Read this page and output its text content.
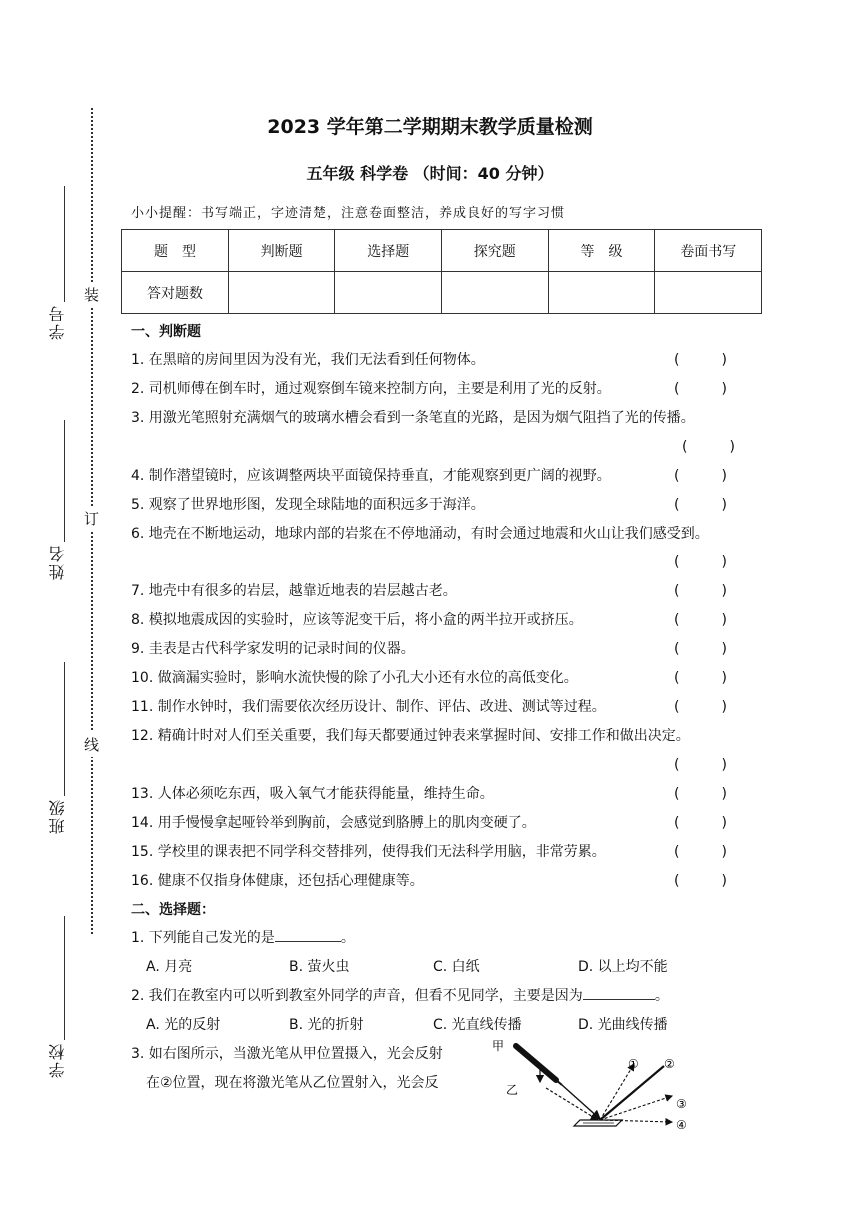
装
订
线
学号
姓名
班级
学校
2023 学年第二学期期末教学质量检测
五年级 科学卷 （时间：40 分钟）
小小提醒：书写端正，字迹清楚，注意卷面整洁，养成良好的写字习惯
题　型	判断题	选择题	探究题	等　级	卷面书写
答对题数					
一、判断题
1. 在黑暗的房间里因为没有光，我们无法看到任何物体。	(　　　)
2. 司机师傅在倒车时，通过观察倒车镜来控制方向，主要是利用了光的反射。	(　　　)
3. 用激光笔照射充满烟气的玻璃水槽会看到一条笔直的光路，是因为烟气阻挡了光的传播。
(　　　)
4. 制作潜望镜时，应该调整两块平面镜保持垂直，才能观察到更广阔的视野。	(　　　)
5. 观察了世界地形图，发现全球陆地的面积远多于海洋。	(　　　)
6. 地壳在不断地运动，地球内部的岩浆在不停地涌动，有时会通过地震和火山让我们感受到。
(　　　)
7. 地壳中有很多的岩层，越靠近地表的岩层越古老。	(　　　)
8. 模拟地震成因的实验时，应该等泥变干后，将小盒的两半拉开或挤压。	(　　　)
9. 圭表是古代科学家发明的记录时间的仪器。	(　　　)
10. 做滴漏实验时，影响水流快慢的除了小孔大小还有水位的高低变化。	(　　　)
11. 制作水钟时，我们需要依次经历设计、制作、评估、改进、测试等过程。	(　　　)
12. 精确计时对人们至关重要，我们每天都要通过钟表来掌握时间、安排工作和做出决定。
(　　　)
13. 人体必须吃东西，吸入氧气才能获得能量，维持生命。	(　　　)
14. 用手慢慢拿起哑铃举到胸前，会感觉到胳膊上的肌肉变硬了。	(　　　)
15. 学校里的课表把不同学科交替排列，使得我们无法科学用脑，非常劳累。	(　　　)
16. 健康不仅指身体健康，还包括心理健康等。	(　　　)
二、选择题：
1. 下列能自己发光的是	。
A. 月亮	B. 萤火虫	C. 白纸	D. 以上均不能
2. 我们在教室内可以听到教室外同学的声音，但看不见同学，主要是因为	。
A. 光的反射	B. 光的折射	C. 光直线传播	D. 光曲线传播
3. 如右图所示，当激光笔从甲位置摄入，光会反射
在②位置，现在将激光笔从乙位置射入，光会反
甲
乙
① ②
③
④
